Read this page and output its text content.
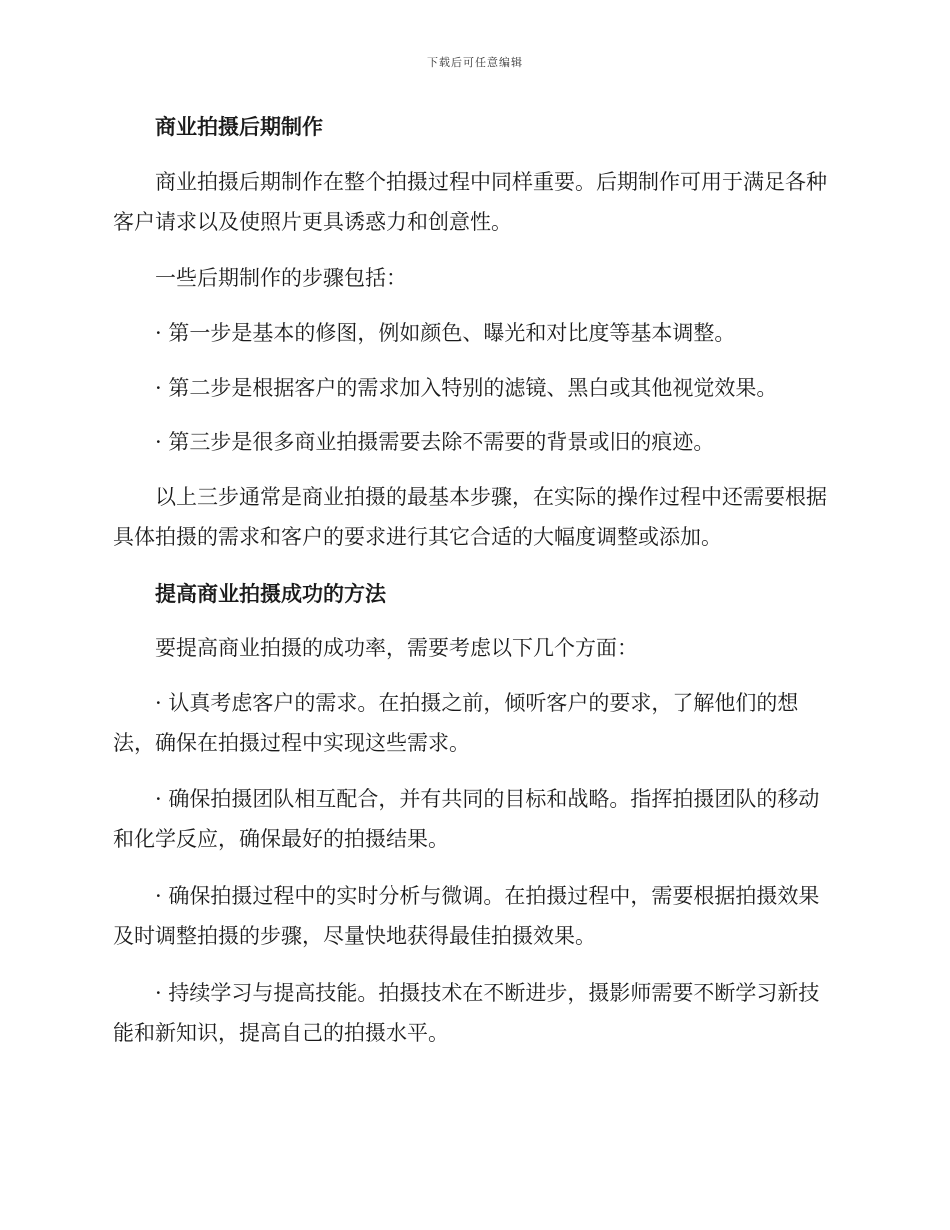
下载后可任意编辑
商业拍摄后期制作
商业拍摄后期制作在整个拍摄过程中同样重要。后期制作可用于满足各种客户请求以及使照片更具诱惑力和创意性。
一些后期制作的步骤包括：
· 第一步是基本的修图，例如颜色、曝光和对比度等基本调整。
· 第二步是根据客户的需求加入特别的滤镜、黑白或其他视觉效果。
· 第三步是很多商业拍摄需要去除不需要的背景或旧的痕迹。
以上三步通常是商业拍摄的最基本步骤，在实际的操作过程中还需要根据具体拍摄的需求和客户的要求进行其它合适的大幅度调整或添加。
提高商业拍摄成功的方法
要提高商业拍摄的成功率，需要考虑以下几个方面：
· 认真考虑客户的需求。在拍摄之前，倾听客户的要求，了解他们的想法，确保在拍摄过程中实现这些需求。
· 确保拍摄团队相互配合，并有共同的目标和战略。指挥拍摄团队的移动和化学反应，确保最好的拍摄结果。
· 确保拍摄过程中的实时分析与微调。在拍摄过程中，需要根据拍摄效果及时调整拍摄的步骤，尽量快地获得最佳拍摄效果。
· 持续学习与提高技能。拍摄技术在不断进步，摄影师需要不断学习新技能和新知识，提高自己的拍摄水平。
